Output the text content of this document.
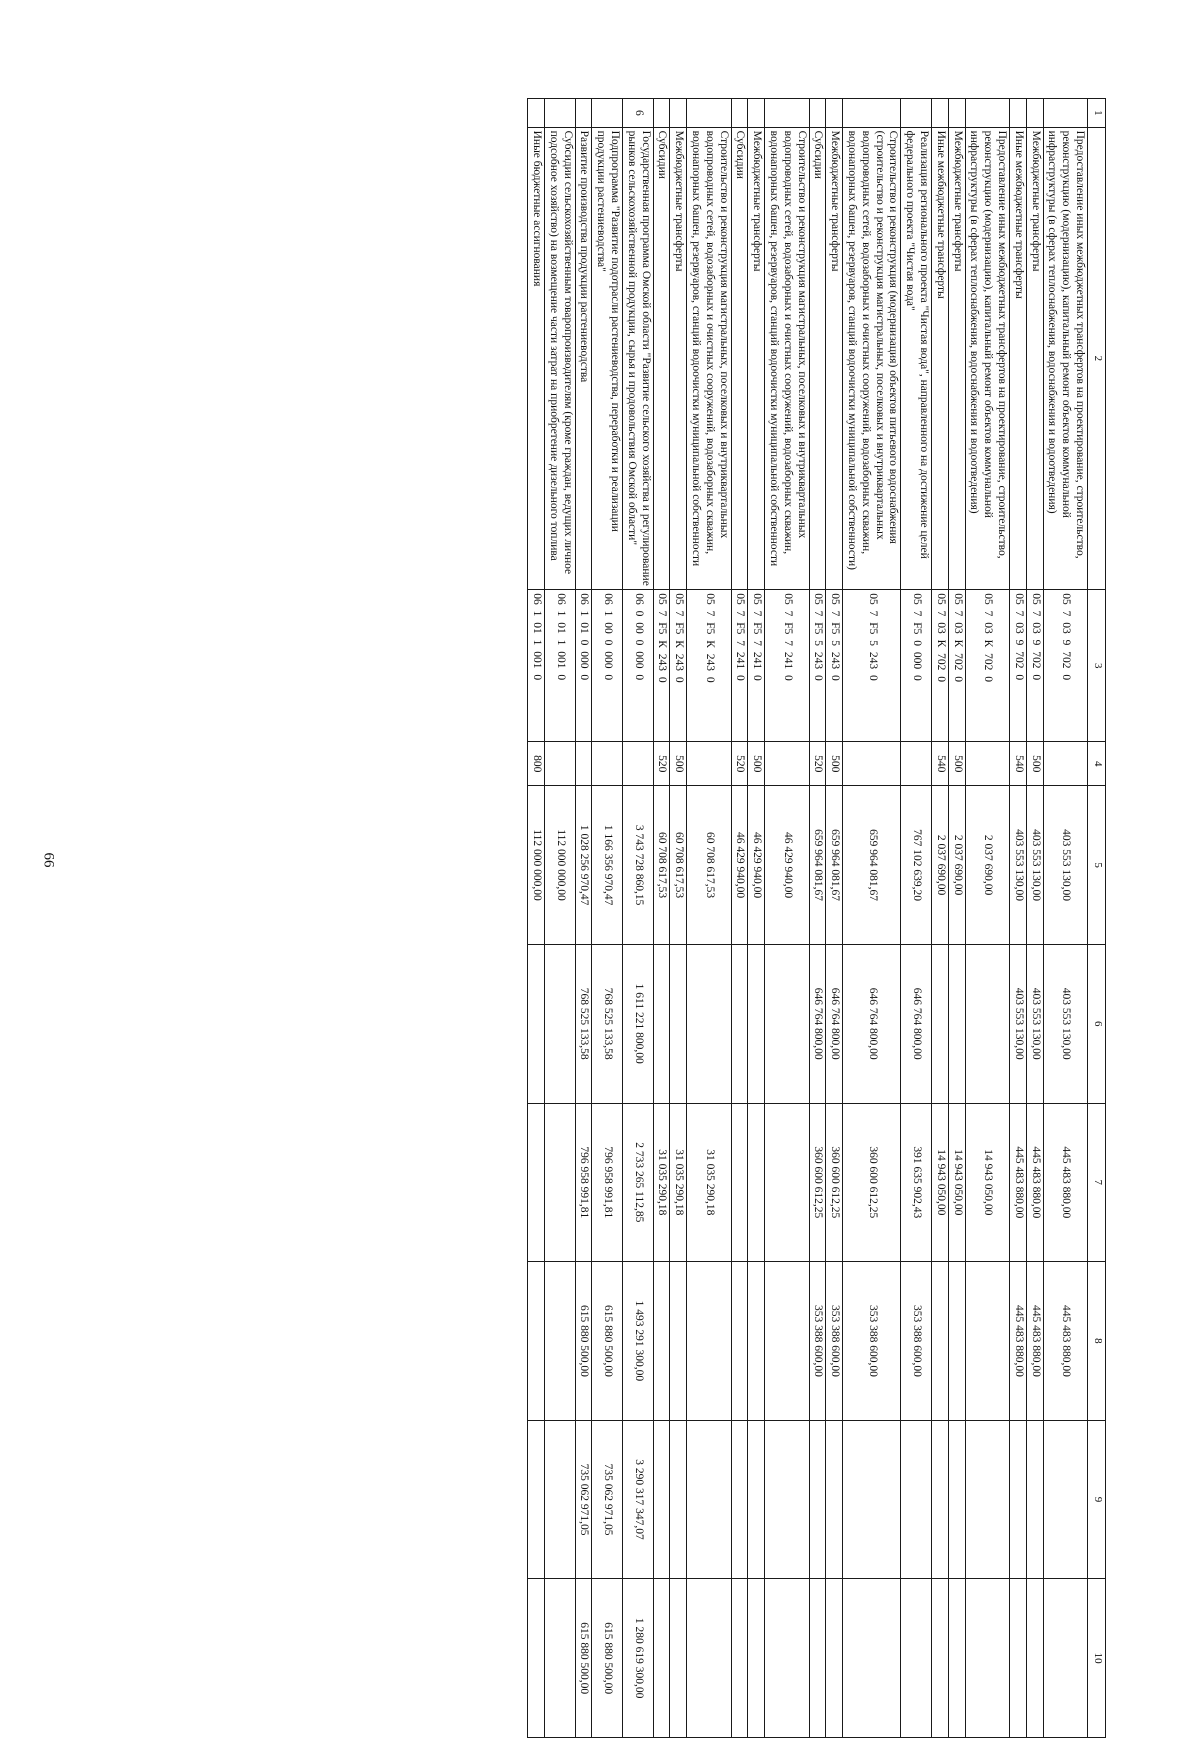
66
1	2	3	4	5	6	7	8	9	10
	Предоставление иных межбюджетных трансфертов на проектирование, строительство, реконструкцию (модернизацию), капитальный ремонт объектов коммунальной инфраструктуры (в сферах теплоснабжения, водоснабжения и водоотведения)	05 7 03 9 702 0		403 553 130,00	403 553 130,00	445 483 880,00	445 483 880,00		
	Межбюджетные трансферты	05 7 03 9 702 0	500	403 553 130,00	403 553 130,00	445 483 880,00	445 483 880,00		
	Иные межбюджетные трансферты	05 7 03 9 702 0	540	403 553 130,00	403 553 130,00	445 483 880,00	445 483 880,00		
	Предоставление иных межбюджетных трансфертов на проектирование, строительство, реконструкцию (модернизацию), капитальный ремонт объектов коммунальной инфраструктуры (в сферах теплоснабжения, водоснабжения и водоотведения)	05 7 03 К 702 0		2 037 690,00		14 943 050,00			
	Межбюджетные трансферты	05 7 03 К 702 0	500	2 037 690,00		14 943 050,00			
	Иные межбюджетные трансферты	05 7 03 К 702 0	540	2 037 690,00		14 943 050,00			
	Реализация регионального проекта "Чистая вода", направленного на достижение целей федерального проекта "Чистая вода"	05 7 F5 0 000 0		767 102 639,20	646 764 800,00	391 635 902,43	353 388 600,00		
	Строительство и реконструкция (модернизация) объектов питьевого водоснабжения (строительство и реконструкция магистральных, поселковых и внутриквартальных водопроводных сетей, водозаборных и очистных сооружений, водозаборных скважин, водонапорных башен, резервуаров, станций водоочистки муниципальной собственности)	05 7 F5 5 243 0		659 964 081,67	646 764 800,00	360 600 612,25	353 388 600,00		
	Межбюджетные трансферты	05 7 F5 5 243 0	500	659 964 081,67	646 764 800,00	360 600 612,25	353 388 600,00		
	Субсидии	05 7 F5 5 243 0	520	659 964 081,67	646 764 800,00	360 600 612,25	353 388 600,00		
	Строительство и реконструкция магистральных, поселковых и внутриквартальных водопроводных сетей, водозаборных и очистных сооружений, водозаборных скважин, водонапорных башен, резервуаров, станций водоочистки муниципальной собственности	05 7 F5 7 241 0		46 429 940,00					
	Межбюджетные трансферты	05 7 F5 7 241 0	500	46 429 940,00					
	Субсидии	05 7 F5 7 241 0	520	46 429 940,00					
	Строительство и реконструкция магистральных, поселковых и внутриквартальных водопроводных сетей, водозаборных и очистных сооружений, водозаборных скважин, водонапорных башен, резервуаров, станций водоочистки муниципальной собственности	05 7 F5 К 243 0		60 708 617,53		31 035 290,18			
	Межбюджетные трансферты	05 7 F5 К 243 0	500	60 708 617,53		31 035 290,18			
	Субсидии	05 7 F5 К 243 0	520	60 708 617,53		31 035 290,18			
6	Государственная программа Омской области "Развитие сельского хозяйства и регулирование рынков сельскохозяйственной продукции, сырья и продовольствия Омской области"	06 0 00 0 000 0		3 743 728 860,15	1 611 221 800,00	2 733 265 112,85	1 493 291 300,00	3 290 317 347,07	1 280 619 300,00
	Подпрограмма "Развитие подотрасли растениеводства, переработки и реализации продукции растениеводства"	06 1 00 0 000 0		1 166 356 970,47	768 525 133,58	796 958 991,81	615 880 500,00	735 062 971,05	615 880 500,00
	Развитие производства продукции растениеводства	06 1 01 0 000 0		1 028 256 970,47	768 525 133,58	796 958 991,81	615 880 500,00	735 062 971,05	615 880 500,00
	Субсидии сельскохозяйственным товаропроизводителям (кроме граждан, ведущих личное подсобное хозяйство) на возмещение части затрат на приобретение дизельного топлива	06 1 01 1 001 0		112 000 000,00					
	Иные бюджетные ассигнования	06 1 01 1 001 0	800	112 000 000,00					
